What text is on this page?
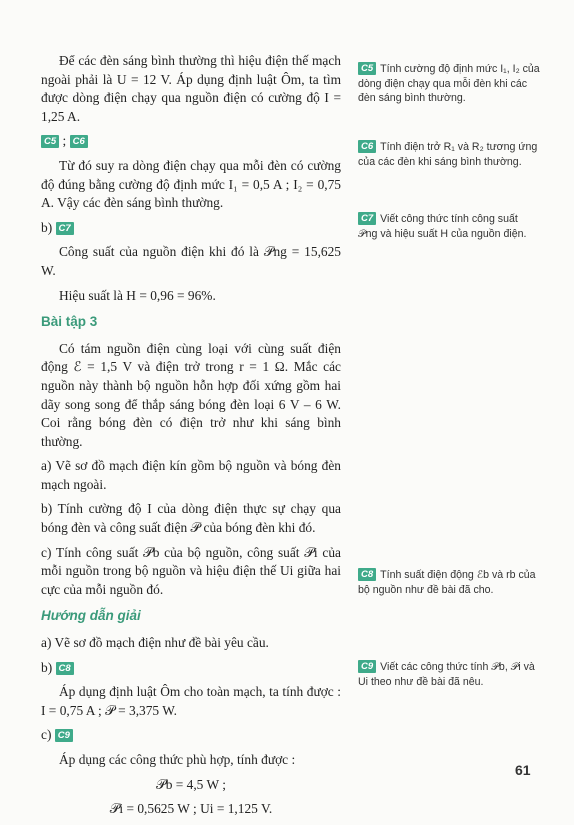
Để các đèn sáng bình thường thì hiệu điện thế mạch ngoài phải là U = 12 V. Áp dụng định luật Ôm, ta tìm được dòng điện chạy qua nguồn điện có cường độ I = 1,25 A.

C5 ; C6

Từ đó suy ra dòng điện chạy qua mỗi đèn có cường độ đúng bằng cường độ định mức I₁ = 0,5 A ; I₂ = 0,75 A. Vậy các đèn sáng bình thường.

b) C7

Công suất của nguồn điện khi đó là 𝒫ng = 15,625 W.

Hiệu suất là H = 0,96 = 96%.

Bài tập 3

Có tám nguồn điện cùng loại với cùng suất điện động ℰ = 1,5 V và điện trở trong r = 1 Ω. Mắc các nguồn này thành bộ nguồn hỗn hợp đối xứng gồm hai dãy song song để thắp sáng bóng đèn loại 6 V – 6 W. Coi rằng bóng đèn có điện trở như khi sáng bình thường.

a) Vẽ sơ đồ mạch điện kín gồm bộ nguồn và bóng đèn mạch ngoài.

b) Tính cường độ I của dòng điện thực sự chạy qua bóng đèn và công suất điện 𝒫 của bóng đèn khi đó.

c) Tính công suất 𝒫b của bộ nguồn, công suất 𝒫i của mỗi nguồn trong bộ nguồn và hiệu điện thế Ui giữa hai cực của mỗi nguồn đó.

Hướng dẫn giải

a) Vẽ sơ đồ mạch điện như đề bài yêu cầu.

b) C8

Áp dụng định luật Ôm cho toàn mạch, ta tính được : I = 0,75 A ; 𝒫 = 3,375 W.

c) C9

Áp dụng các công thức phù hợp, tính được :

𝒫b = 4,5 W ;

𝒫i = 0,5625 W ; Ui = 1,125 V.

C5 Tính cường độ định mức I₁, I₂ của dòng điện chạy qua mỗi đèn khi các đèn sáng bình thường.
C6 Tính điện trở R₁ và R₂ tương ứng của các đèn khi sáng bình thường.
C7 Viết công thức tính công suất 𝒫ng và hiệu suất H của nguồn điện.
C8 Tính suất điện động ℰb và rb của bộ nguồn như đề bài đã cho.
C9 Viết các công thức tính 𝒫b, 𝒫i và Ui theo như đề bài đã nêu.
61
